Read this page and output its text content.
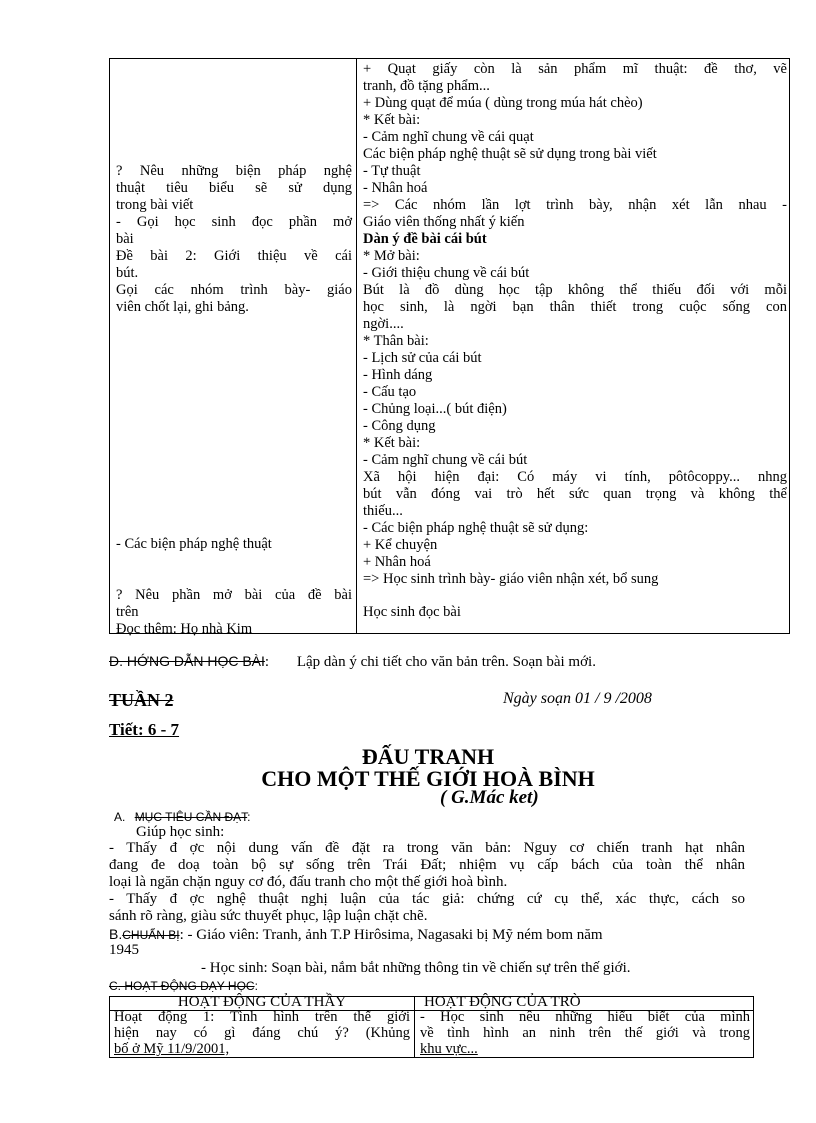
? Nêu những biện pháp nghệ

thuật tiêu biểu sẽ sử dụng

trong bài viết

- Gọi học sinh đọc phần mở

bài

Đề bài 2: Giới thiệu về cái

bút.

Gọi các nhóm trình bày- giáo

viên chốt lại, ghi bảng.

- Các biện pháp nghệ thuật

? Nêu phần mở bài của đề bài

trên

Đọc thêm: Họ nhà Kim

+ Quạt giấy còn là sản phẩm mĩ thuật: đề thơ, vẽ

tranh, đồ tặng phẩm...

+ Dùng quạt để múa ( dùng trong múa hát chèo)

* Kết bài:

- Cảm nghĩ chung về cái quạt

Các biện pháp nghệ thuật sẽ sử dụng trong bài viết

- Tự thuật

- Nhân hoá

=> Các nhóm lần lợt trình bày, nhận xét lẫn nhau -

Giáo viên thống nhất ý kiến

Dàn ý đề bài cái bút

* Mở bài:

- Giới thiệu chung về cái bút

Bút là đồ dùng học tập không thể thiếu đối với mỗi

học sinh, là ngời bạn thân thiết trong cuộc sống con

ngời....

* Thân bài:

- Lịch sử của cái bút

- Hình dáng

- Cấu tạo

- Chủng loại...( bút điện)

- Công dụng

* Kết bài:

- Cảm nghĩ chung về cái bút

Xã hội hiện đại: Có máy vi tính, pôtôcoppy... nhng

bút vẫn đóng vai trò hết sức quan trọng và không thể

thiếu...

- Các biện pháp nghệ thuật sẽ sử dụng:

+ Kể chuyện

+ Nhân hoá

=> Học sinh trình bày- giáo viên nhận xét, bổ sung

Học sinh đọc bài

D. HỚNG DẪN HỌC BÀI: Lập dàn ý chi tiết cho văn bản trên. Soạn bài mới.
TUẦN 2	Ngày soạn 01 / 9 /2008
Tiết: 6 - 7
ĐẤU TRANH
CHO MỘT THẾ GIỚI HOÀ BÌNH
( G.Mác ket)
A. MỤC TIÊU CẦN ĐẠT:
Giúp học sinh:
- Thấy đ ợc nội dung vấn đề đặt ra trong văn bản: Nguy cơ chiến tranh hạt nhân
đang đe doạ toàn bộ sự sống trên Trái Đất; nhiệm vụ cấp bách của toàn thể nhân
loại là ngăn chặn nguy cơ đó, đấu tranh cho một thế giới hoà bình.
- Thấy đ ợc nghệ thuật nghị luận của tác giả: chứng cứ cụ thể, xác thực, cách so
sánh rõ ràng, giàu sức thuyết phục, lập luận chặt chẽ.
B.CHUẨN BỊ: - Giáo viên: Tranh, ảnh T.P Hirôsima, Nagasaki bị Mỹ ném bom năm
1945
- Học sinh: Soạn bài, nắm bắt những thông tin về chiến sự trên thế giới.
C. HOẠT ĐỘNG DẠY HỌC:
HOẠT ĐỘNG CỦA THẦY	HOẠT ĐỘNG CỦA TRÒ
Hoạt động 1: Tình hình trên thế giới
hiện nay có gì đáng chú ý? (Khủng
bố ở Mỹ 11/9/2001,
- Học sinh nêu những hiểu biết của mình
về tình hình an ninh trên thế giới và trong
khu vực...
